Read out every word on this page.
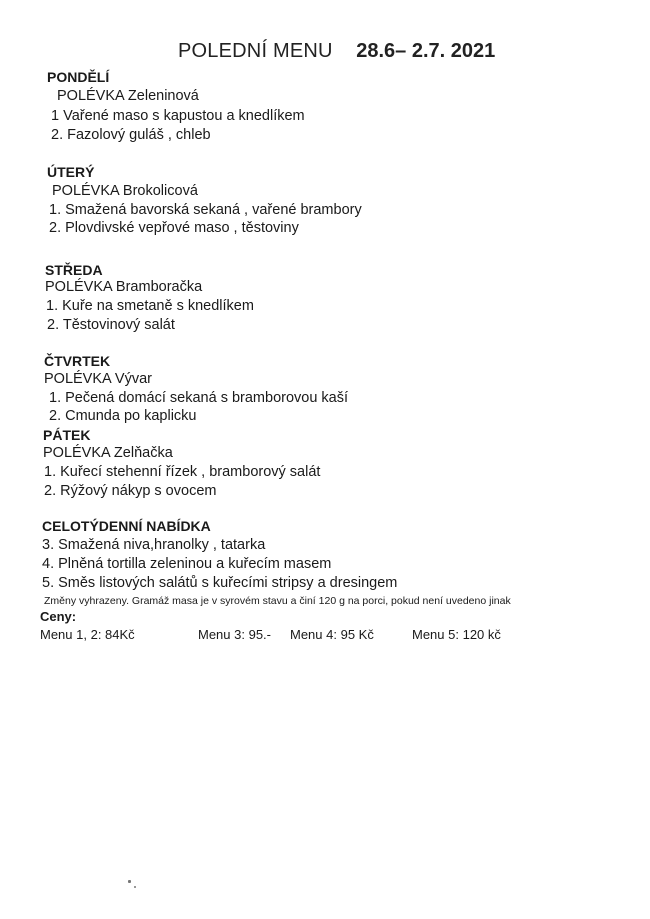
POLEDNÍ MENU 28.6– 2.7. 2021
PONDĚLÍ
POLÉVKA Zeleninová
1 Vařené maso s kapustou a knedlíkem
2. Fazolový guláš , chleb
ÚTERÝ
POLÉVKA Brokolicová
1. Smažená bavorská sekaná , vařené brambory
2. Plovdivské vepřové maso , těstoviny
STŘEDA
POLÉVKA Bramboračka
1. Kuře na smetaně s knedlíkem
2. Těstovinový salát
ČTVRTEK
POLÉVKA Vývar
1. Pečená domácí sekaná s bramborovou kaší
2. Cmunda po kaplicku
PÁTEK
POLÉVKA Zelňačka
1. Kuřecí stehenní řízek , bramborový salát
2. Rýžový nákyp s ovocem
CELOTÝDENNÍ NABÍDKA
3. Smažená niva,hranolky , tatarka
4. Plněná tortilla zeleninou a kuřecím masem
5. Směs listových salátů s kuřecími stripsy a dresingem
Změny vyhrazeny. Gramáž masa je v syrovém stavu a činí 120 g na porci, pokud není uvedeno jinak
Ceny:
Menu 1, 2: 84Kč	Menu 3: 95.- Menu 4: 95 Kč	Menu 5: 120 kč
